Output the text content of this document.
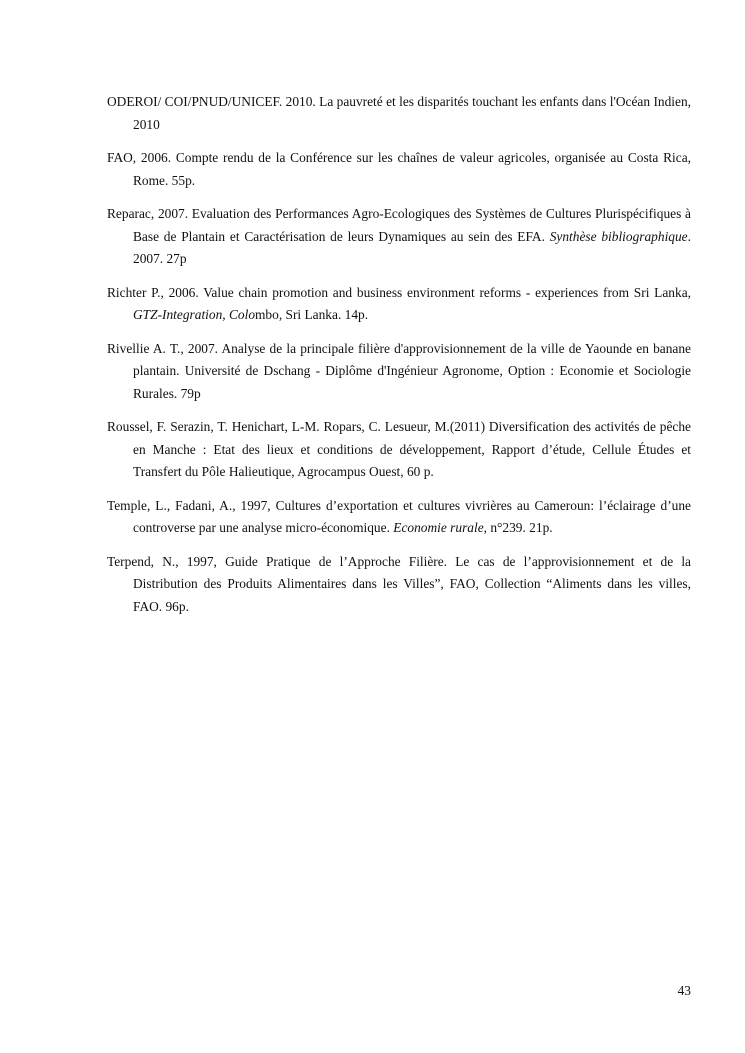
ODEROI/ COI/PNUD/UNICEF. 2010. La pauvreté et les disparités touchant les enfants dans l'Océan Indien, 2010

FAO, 2006. Compte rendu de la Conférence sur les chaînes de valeur agricoles, organisée au Costa Rica, Rome. 55p.

Reparac, 2007. Evaluation des Performances Agro-Ecologiques des Systèmes de Cultures Plurispécifiques à Base de Plantain et Caractérisation de leurs Dynamiques au sein des EFA. Synthèse bibliographique. 2007. 27p

Richter P., 2006. Value chain promotion and business environment reforms - experiences from Sri Lanka, GTZ-Integration, Colombo, Sri Lanka. 14p.

Rivellie A. T., 2007. Analyse de la principale filière d'approvisionnement de la ville de Yaounde en banane plantain. Université de Dschang - Diplôme d'Ingénieur Agronome, Option : Economie et Sociologie Rurales. 79p

Roussel, F. Serazin, T. Henichart, L-M. Ropars, C. Lesueur, M.(2011) Diversification des activités de pêche en Manche : Etat des lieux et conditions de développement, Rapport d’étude, Cellule Études et Transfert du Pôle Halieutique, Agrocampus Ouest, 60 p.

Temple, L., Fadani, A., 1997, Cultures d’exportation et cultures vivrières au Cameroun: l’éclairage d’une controverse par une analyse micro-économique. Economie rurale, n°239. 21p.

Terpend, N., 1997, Guide Pratique de l’Approche Filière. Le cas de l’approvisionnement et de la Distribution des Produits Alimentaires dans les Villes”, FAO, Collection “Aliments dans les villes, FAO. 96p.

43
